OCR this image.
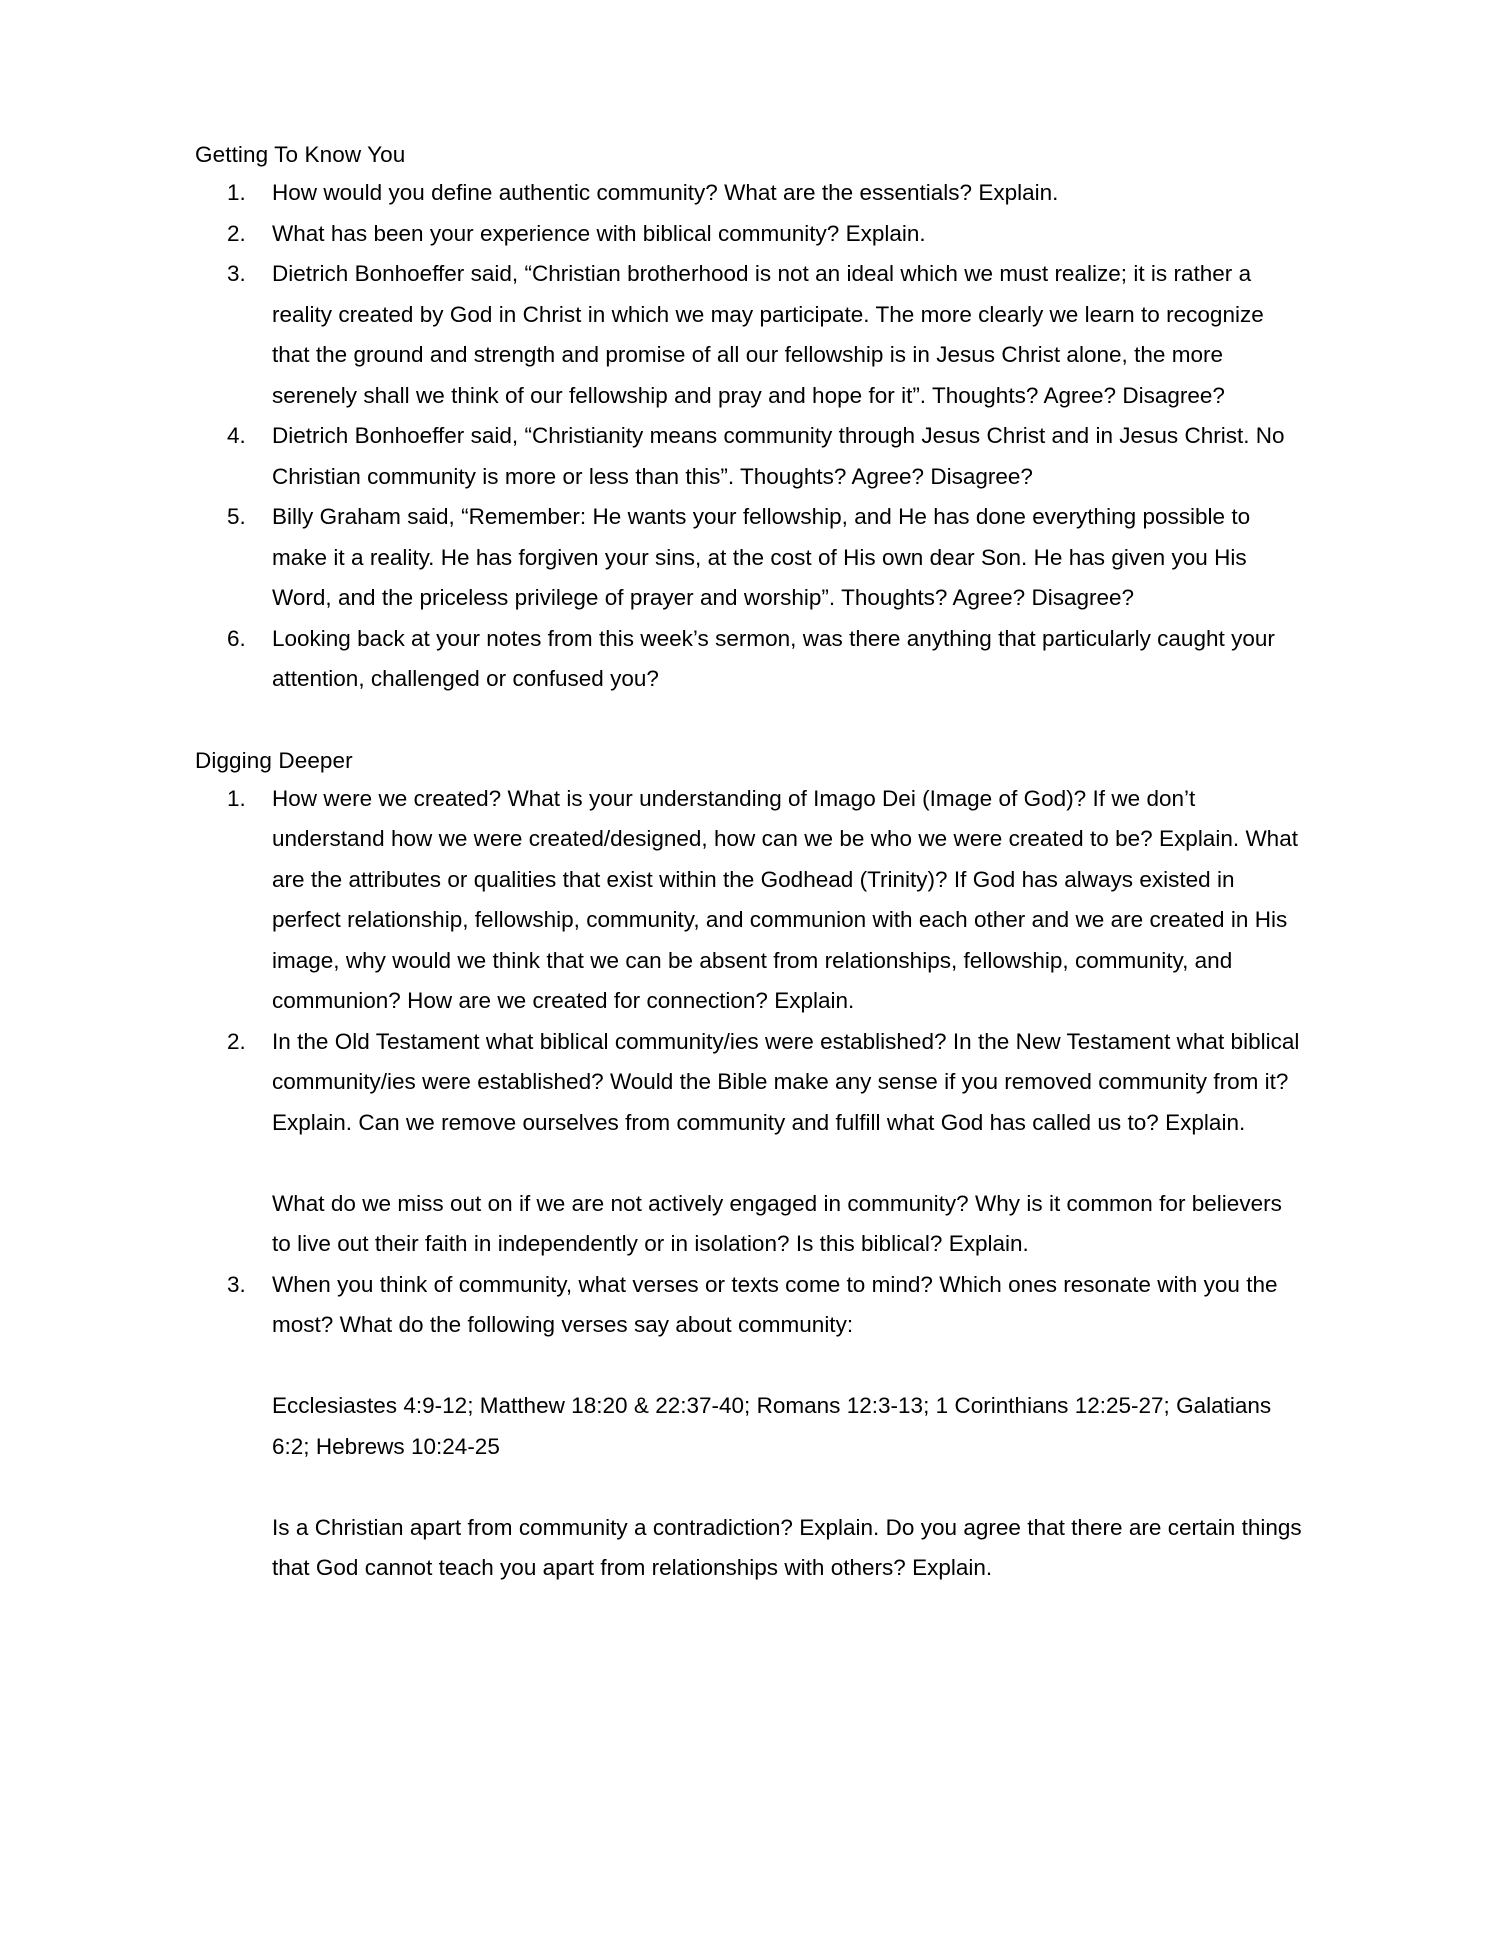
Getting To Know You
1.	How would you define authentic community? What are the essentials? Explain.
2.	What has been your experience with biblical community? Explain.
3.	Dietrich Bonhoeffer said, “Christian brotherhood is not an ideal which we must realize; it is rather a reality created by God in Christ in which we may participate. The more clearly we learn to recognize that the ground and strength and promise of all our fellowship is in Jesus Christ alone, the more serenely shall we think of our fellowship and pray and hope for it”. Thoughts? Agree? Disagree?
4.	Dietrich Bonhoeffer said, “Christianity means community through Jesus Christ and in Jesus Christ. No Christian community is more or less than this”. Thoughts? Agree? Disagree?
5.	Billy Graham said, “Remember: He wants your fellowship, and He has done everything possible to make it a reality. He has forgiven your sins, at the cost of His own dear Son. He has given you His Word, and the priceless privilege of prayer and worship”. Thoughts? Agree? Disagree?
6.	Looking back at your notes from this week’s sermon, was there anything that particularly caught your attention, challenged or confused you?
Digging Deeper
1.	How were we created? What is your understanding of Imago Dei (Image of God)? If we don’t understand how we were created/designed, how can we be who we were created to be? Explain. What are the attributes or qualities that exist within the Godhead (Trinity)? If God has always existed in perfect relationship, fellowship, community, and communion with each other and we are created in His image, why would we think that we can be absent from relationships, fellowship, community, and communion? How are we created for connection? Explain.
2.	In the Old Testament what biblical community/ies were established? In the New Testament what biblical community/ies were established? Would the Bible make any sense if you removed community from it? Explain. Can we remove ourselves from community and fulfill what God has called us to? Explain.
What do we miss out on if we are not actively engaged in community? Why is it common for believers to live out their faith in independently or in isolation? Is this biblical? Explain.
3.	When you think of community, what verses or texts come to mind? Which ones resonate with you the most? What do the following verses say about community:
Ecclesiastes 4:9-12; Matthew 18:20 & 22:37-40; Romans 12:3-13; 1 Corinthians 12:25-27; Galatians 6:2; Hebrews 10:24-25
Is a Christian apart from community a contradiction? Explain. Do you agree that there are certain things that God cannot teach you apart from relationships with others? Explain.
